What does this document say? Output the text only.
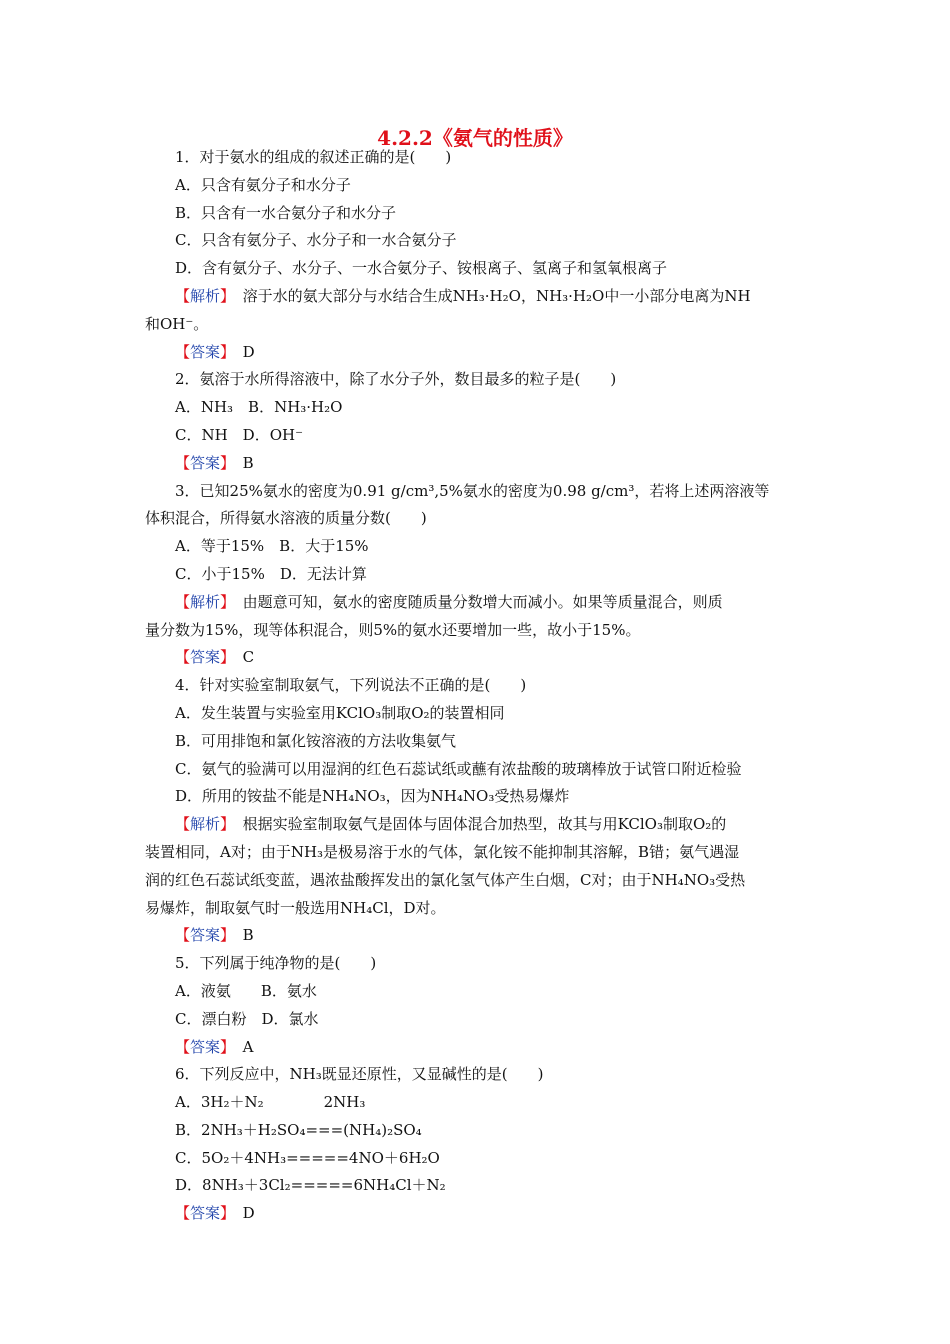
4.2.2《氨气的性质》
1．对于氨水的组成的叙述正确的是(　　)
A．只含有氨分子和水分子
B．只含有一水合氨分子和水分子
C．只含有氨分子、水分子和一水合氨分子
D．含有氨分子、水分子、一水合氨分子、铵根离子、氢离子和氢氧根离子
【解析】　 溶于水的氨大部分与水结合生成NH₃·H₂O，NH₃·H₂O中一小部分电离为NH
和OH⁻。
【答案】　 D
2．氨溶于水所得溶液中，除了水分子外，数目最多的粒子是(　　)
A．NH₃　B．NH₃·H₂O
C．NH　D．OH⁻
【答案】　 B
3．已知25%氨水的密度为0.91 g/cm³,5%氨水的密度为0.98 g/cm³，若将上述两溶液等
体积混合，所得氨水溶液的质量分数(　　)
A．等于15%　B．大于15%
C．小于15%　D．无法计算
【解析】　 由题意可知，氨水的密度随质量分数增大而减小。如果等质量混合，则质
量分数为15%，现等体积混合，则5%的氨水还要增加一些，故小于15%。
【答案】　 C
4．针对实验室制取氨气，下列说法不正确的是(　　)
A．发生装置与实验室用KClO₃制取O₂的装置相同
B．可用排饱和氯化铵溶液的方法收集氨气
C．氨气的验满可以用湿润的红色石蕊试纸或蘸有浓盐酸的玻璃棒放于试管口附近检验
D．所用的铵盐不能是NH₄NO₃，因为NH₄NO₃受热易爆炸
【解析】　 根据实验室制取氨气是固体与固体混合加热型，故其与用KClO₃制取O₂的
装置相同，A对；由于NH₃是极易溶于水的气体，氯化铵不能抑制其溶解，B错；氨气遇湿
润的红色石蕊试纸变蓝，遇浓盐酸挥发出的氯化氢气体产生白烟，C对；由于NH₄NO₃受热
易爆炸，制取氨气时一般选用NH₄Cl，D对。
【答案】　 B
5．下列属于纯净物的是(　　)
A．液氨　　B．氨水
C．漂白粉　D．氯水
【答案】　 A
6．下列反应中，NH₃既显还原性，又显碱性的是(　　)
A．3H₂＋N₂　　　　2NH₃
B．2NH₃＋H₂SO₄===(NH₄)₂SO₄
C．5O₂＋4NH₃=====4NO＋6H₂O
D．8NH₃＋3Cl₂=====6NH₄Cl＋N₂
【答案】　 D
